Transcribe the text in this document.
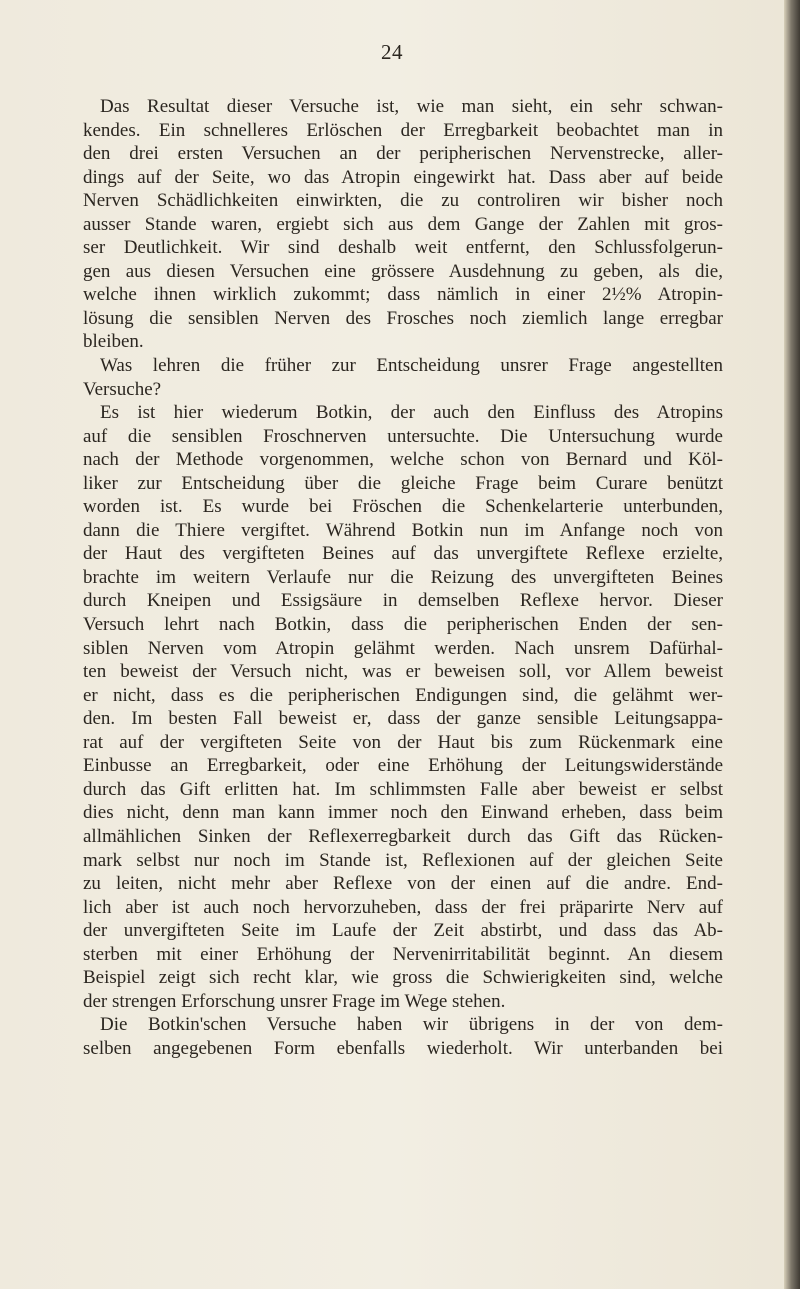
24
Das Resultat dieser Versuche ist, wie man sieht, ein sehr schwan-
kendes. Ein schnelleres Erlöschen der Erregbarkeit beobachtet man in
den drei ersten Versuchen an der peripherischen Nervenstrecke, aller-
dings auf der Seite, wo das Atropin eingewirkt hat. Dass aber auf beide
Nerven Schädlichkeiten einwirkten, die zu controliren wir bisher noch
ausser Stande waren, ergiebt sich aus dem Gange der Zahlen mit gros-
ser Deutlichkeit. Wir sind deshalb weit entfernt, den Schlussfolgerun-
gen aus diesen Versuchen eine grössere Ausdehnung zu geben, als die,
welche ihnen wirklich zukommt; dass nämlich in einer 2½% Atropin-
lösung die sensiblen Nerven des Frosches noch ziemlich lange erregbar
bleiben.
Was lehren die früher zur Entscheidung unsrer Frage angestellten
Versuche?
Es ist hier wiederum Botkin, der auch den Einfluss des Atropins
auf die sensiblen Froschnerven untersuchte. Die Untersuchung wurde
nach der Methode vorgenommen, welche schon von Bernard und Köl-
liker zur Entscheidung über die gleiche Frage beim Curare benützt
worden ist. Es wurde bei Fröschen die Schenkelarterie unterbunden,
dann die Thiere vergiftet. Während Botkin nun im Anfange noch von
der Haut des vergifteten Beines auf das unvergiftete Reflexe erzielte,
brachte im weitern Verlaufe nur die Reizung des unvergifteten Beines
durch Kneipen und Essigsäure in demselben Reflexe hervor. Dieser
Versuch lehrt nach Botkin, dass die peripherischen Enden der sen-
siblen Nerven vom Atropin gelähmt werden. Nach unsrem Dafürhal-
ten beweist der Versuch nicht, was er beweisen soll, vor Allem beweist
er nicht, dass es die peripherischen Endigungen sind, die gelähmt wer-
den. Im besten Fall beweist er, dass der ganze sensible Leitungsappa-
rat auf der vergifteten Seite von der Haut bis zum Rückenmark eine
Einbusse an Erregbarkeit, oder eine Erhöhung der Leitungswiderstände
durch das Gift erlitten hat. Im schlimmsten Falle aber beweist er selbst
dies nicht, denn man kann immer noch den Einwand erheben, dass beim
allmählichen Sinken der Reflexerregbarkeit durch das Gift das Rücken-
mark selbst nur noch im Stande ist, Reflexionen auf der gleichen Seite
zu leiten, nicht mehr aber Reflexe von der einen auf die andre. End-
lich aber ist auch noch hervorzuheben, dass der frei präparirte Nerv auf
der unvergifteten Seite im Laufe der Zeit abstirbt, und dass das Ab-
sterben mit einer Erhöhung der Nervenirritabilität beginnt. An diesem
Beispiel zeigt sich recht klar, wie gross die Schwierigkeiten sind, welche
der strengen Erforschung unsrer Frage im Wege stehen.
Die Botkin'schen Versuche haben wir übrigens in der von dem-
selben angegebenen Form ebenfalls wiederholt. Wir unterbanden bei
